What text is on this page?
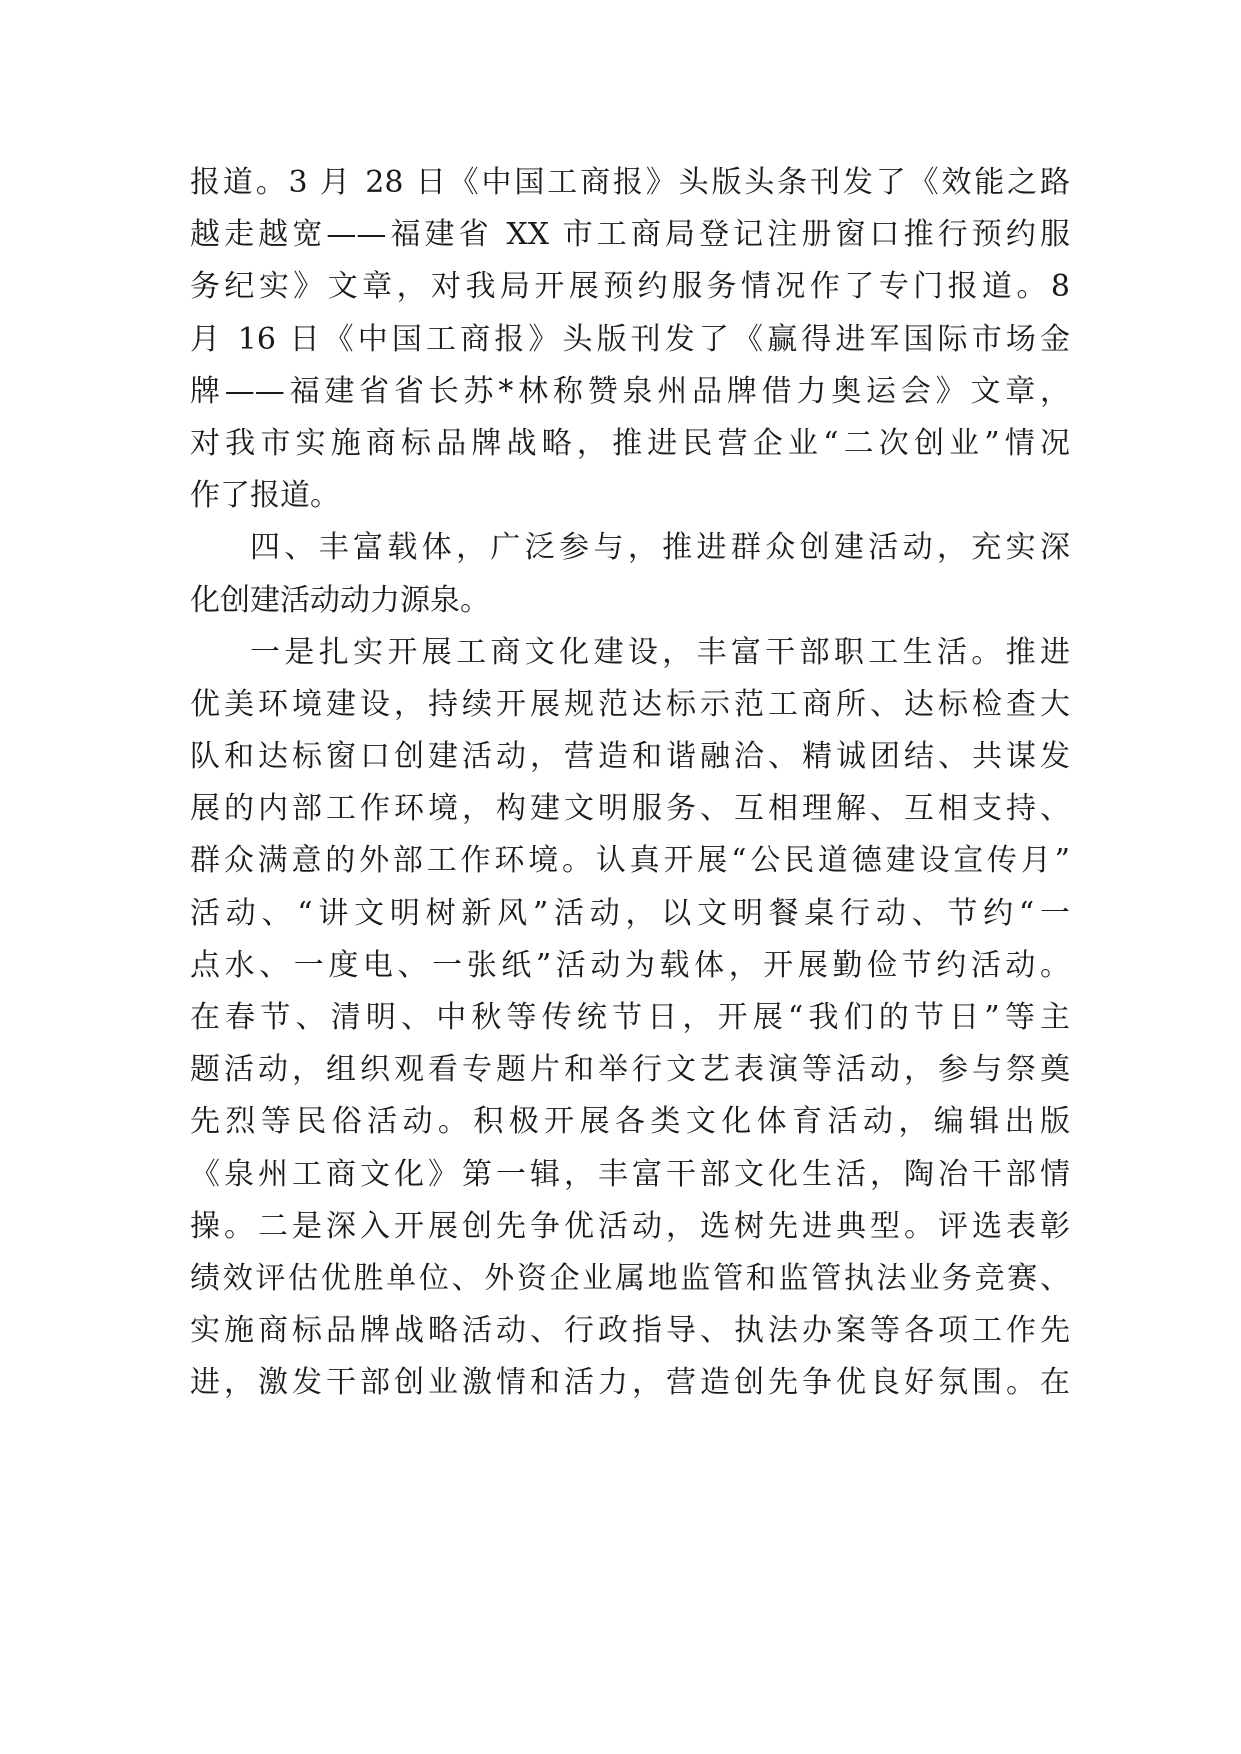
报道。3 月 28 日《中国工商报》头版头条刊发了《效能之路
越走越宽——福建省 XX 市工商局登记注册窗口推行预约服
务纪实》文章，对我局开展预约服务情况作了专门报道。8
月 16 日《中国工商报》头版刊发了《赢得进军国际市场金
牌——福建省省长苏*林称赞泉州品牌借力奥运会》文章，
对我市实施商标品牌战略，推进民营企业“二次创业”情况
作了报道。
四、丰富载体，广泛参与，推进群众创建活动，充实深
化创建活动动力源泉。
一是扎实开展工商文化建设，丰富干部职工生活。推进
优美环境建设，持续开展规范达标示范工商所、达标检查大
队和达标窗口创建活动，营造和谐融洽、精诚团结、共谋发
展的内部工作环境，构建文明服务、互相理解、互相支持、
群众满意的外部工作环境。认真开展“公民道德建设宣传月”
活动、“讲文明树新风”活动，以文明餐桌行动、节约“一
点水、一度电、一张纸”活动为载体，开展勤俭节约活动。
在春节、清明、中秋等传统节日，开展“我们的节日”等主
题活动，组织观看专题片和举行文艺表演等活动，参与祭奠
先烈等民俗活动。积极开展各类文化体育活动，编辑出版
《泉州工商文化》第一辑，丰富干部文化生活，陶冶干部情
操。二是深入开展创先争优活动，选树先进典型。评选表彰
绩效评估优胜单位、外资企业属地监管和监管执法业务竞赛、
实施商标品牌战略活动、行政指导、执法办案等各项工作先
进，激发干部创业激情和活力，营造创先争优良好氛围。在
